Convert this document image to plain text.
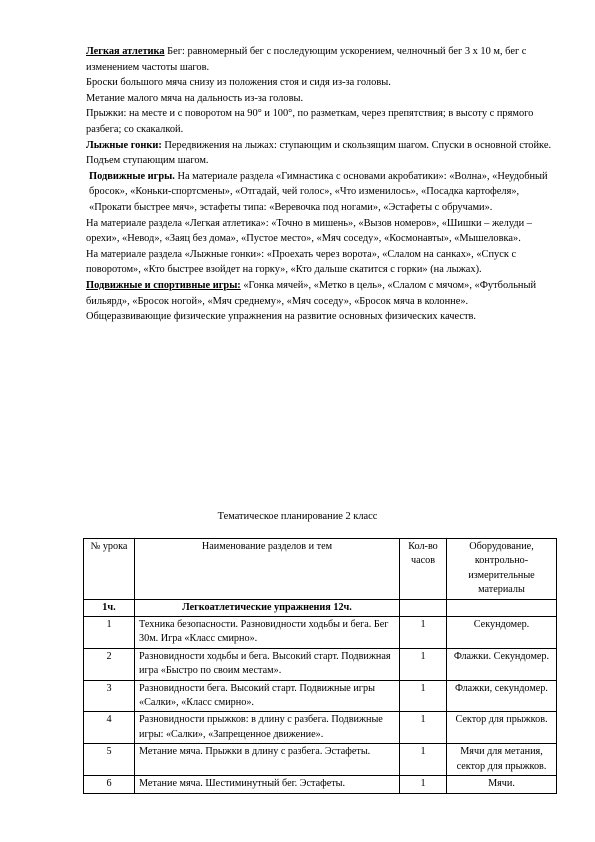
Легкая атлетика Бег: равномерный бег с последующим ускорением, челночный бег 3 х 10 м, бег с изменением частоты шагов.

Броски большого мяча снизу из положения стоя и сидя из-за головы.

Метание малого мяча на дальность из-за головы.

Прыжки: на месте и с поворотом на 90° и 100°, по разметкам, через препятствия; в высоту с прямого разбега; со скакалкой.

Лыжные гонки: Передвижения на лыжах: ступающим и скользящим шагом. Спуски в основной стойке. Подъем ступающим шагом.

Подвижные игры. На материале раздела «Гимнастика с основами акробатики»: «Волна», «Неудобный бросок», «Коньки-спортсмены», «Отгадай, чей голос», «Что изменилось», «Посадка картофеля», «Прокати быстрее мяч», эстафеты типа: «Веревочка под ногами», «Эстафеты с обручами».

На материале раздела «Легкая атлетика»: «Точно в мишень», «Вызов номеров», «Шишки – желуди – орехи», «Невод», «Заяц без дома», «Пустое место», «Мяч соседу», «Космонавты», «Мышеловка».

На материале раздела «Лыжные гонки»: «Проехать через ворота», «Слалом на санках», «Спуск с поворотом», «Кто быстрее взойдет на горку», «Кто дальше скатится с горки» (на лыжах).

Подвижные и спортивные игры: «Гонка мячей», «Метко в цель», «Слалом с мячом», «Футбольный бильярд», «Бросок ногой», «Мяч среднему», «Мяч соседу», «Бросок мяча в колонне».

Общеразвивающие физические упражнения на развитие основных физических качеств.

Тематическое планирование 2 класс
№ урока	Наименование разделов и тем	Кол-во часов	Оборудование, контрольно-измерительные материалы
1ч.	Легкоатлетические упражнения 12ч.		
1	Техника безопасности. Разновидности ходьбы и бега. Бег 30м. Игра «Класс смирно».	1	Секундомер.
2	Разновидности ходьбы и бега. Высокий старт. Подвижная игра «Быстро по своим местам».	1	Флажки. Секундомер.
3	Разновидности бега. Высокий старт. Подвижные игры «Салки», «Класс смирно».	1	Флажки, секундомер.
4	Разновидности прыжков: в длину с разбега. Подвижные игры: «Салки», «Запрещенное движение».	1	Сектор для прыжков.
5	Метание мяча. Прыжки в длину с разбега. Эстафеты.	1	Мячи для метания, сектор для прыжков.
6	Метание мяча. Шестиминутный бег. Эстафеты.	1	Мячи.
